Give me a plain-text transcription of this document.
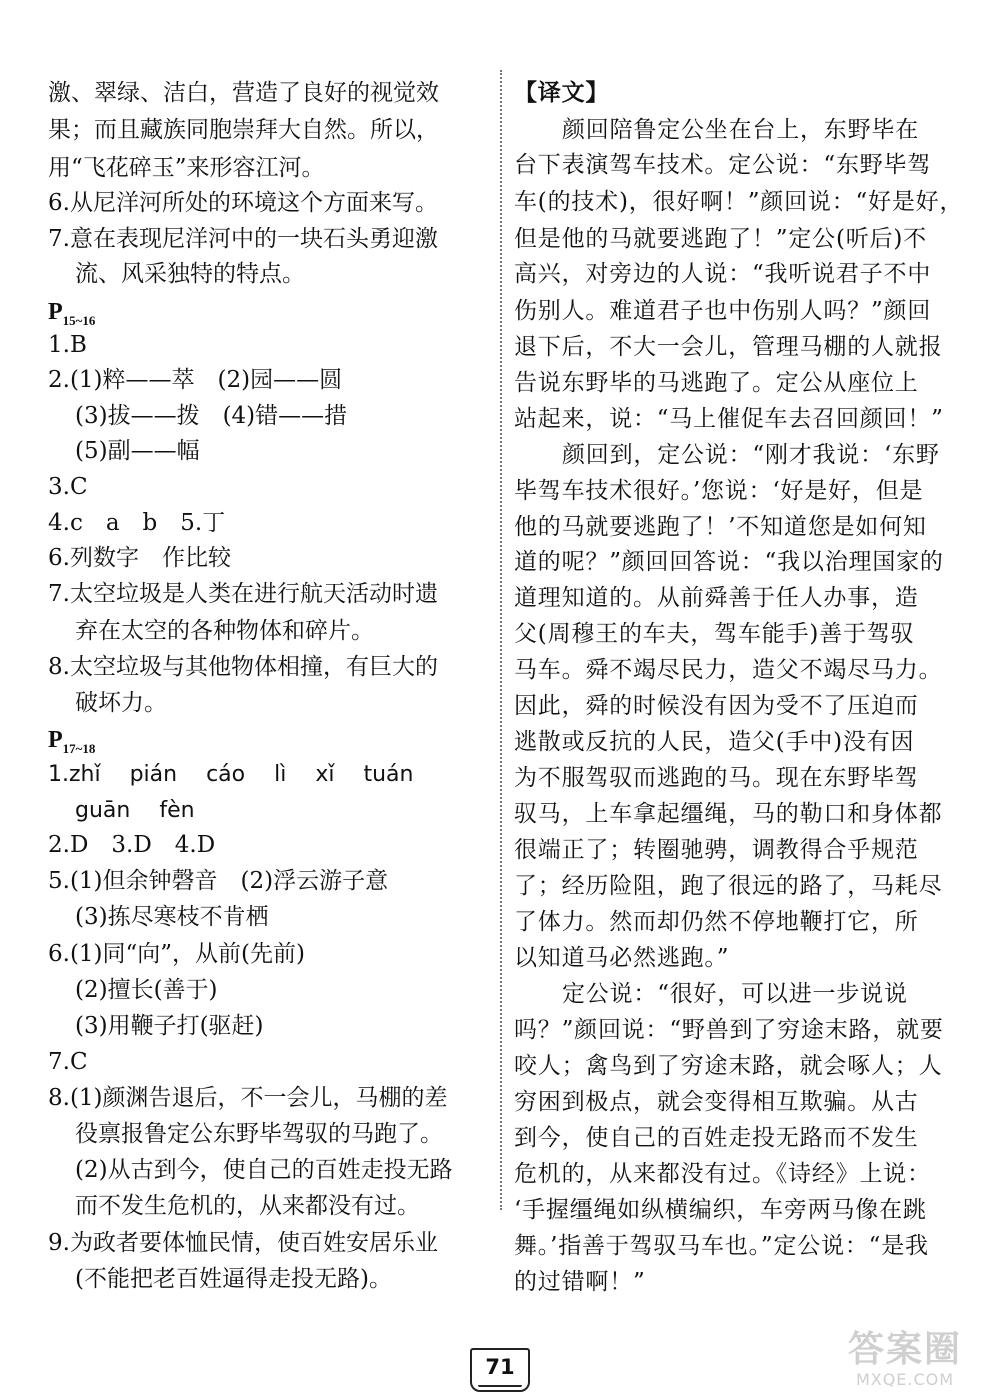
激、翠绿、洁白，营造了良好的视觉效
果；而且藏族同胞崇拜大自然。所以，
用“飞花碎玉”来形容江河。
6.从尼洋河所处的环境这个方面来写。
7.意在表现尼洋河中的一块石头勇迎激
流、风采独特的特点。
$P_{15\sim 16}$
1.B
2.(1)粹——萃　(2)园——圆
(3)拔——拨　(4)错——措
(5)副——幅
3.C
4.c　a　b　5.丁
6.列数字　作比较
7.太空垃圾是人类在进行航天活动时遗
弃在太空的各种物体和碎片。
8.太空垃圾与其他物体相撞，有巨大的
破坏力。
$P_{17\sim 18}$
1.zhǐ pián cáo lì xǐ tuán
guān fèn
2.D　3.D　4.D
5.(1)但余钟磬音　(2)浮云游子意
(3)拣尽寒枝不肯栖
6.(1)同“向”，从前(先前)
(2)擅长(善于)
(3)用鞭子打(驱赶)
7.C
8.(1)颜渊告退后，不一会儿，马棚的差
役禀报鲁定公东野毕驾驭的马跑了。
(2)从古到今，使自己的百姓走投无路
而不发生危机的，从来都没有过。
9.为政者要体恤民情，使百姓安居乐业
(不能把老百姓逼得走投无路)。
【译文】
颜回陪鲁定公坐在台上，东野毕在
台下表演驾车技术。定公说：“东野毕驾
车(的技术)，很好啊！”颜回说：“好是好，
但是他的马就要逃跑了！”定公(听后)不
高兴，对旁边的人说：“我听说君子不中
伤别人。难道君子也中伤别人吗？”颜回
退下后，不大一会儿，管理马棚的人就报
告说东野毕的马逃跑了。定公从座位上
站起来，说：“马上催促车去召回颜回！”
颜回到，定公说：“刚才我说：‘东野
毕驾车技术很好。’您说：‘好是好，但是
他的马就要逃跑了！’不知道您是如何知
道的呢？”颜回回答说：“我以治理国家的
道理知道的。从前舜善于任人办事，造
父(周穆王的车夫，驾车能手)善于驾驭
马车。舜不竭尽民力，造父不竭尽马力。
因此，舜的时候没有因为受不了压迫而
逃散或反抗的人民，造父(手中)没有因
为不服驾驭而逃跑的马。现在东野毕驾
驭马，上车拿起缰绳，马的勒口和身体都
很端正了；转圈驰骋，调教得合乎规范
了；经历险阻，跑了很远的路了，马耗尽
了体力。然而却仍然不停地鞭打它，所
以知道马必然逃跑。”
定公说：“很好，可以进一步说说
吗？”颜回说：“野兽到了穷途末路，就要
咬人；禽鸟到了穷途末路，就会啄人；人
穷困到极点，就会变得相互欺骗。从古
到今，使自己的百姓走投无路而不发生
危机的，从来都没有过。《诗经》上说：
‘手握缰绳如纵横编织，车旁两马像在跳
舞。’指善于驾驭马车也。”定公说：“是我
的过错啊！”
71	答案圈
MXQE.COM
